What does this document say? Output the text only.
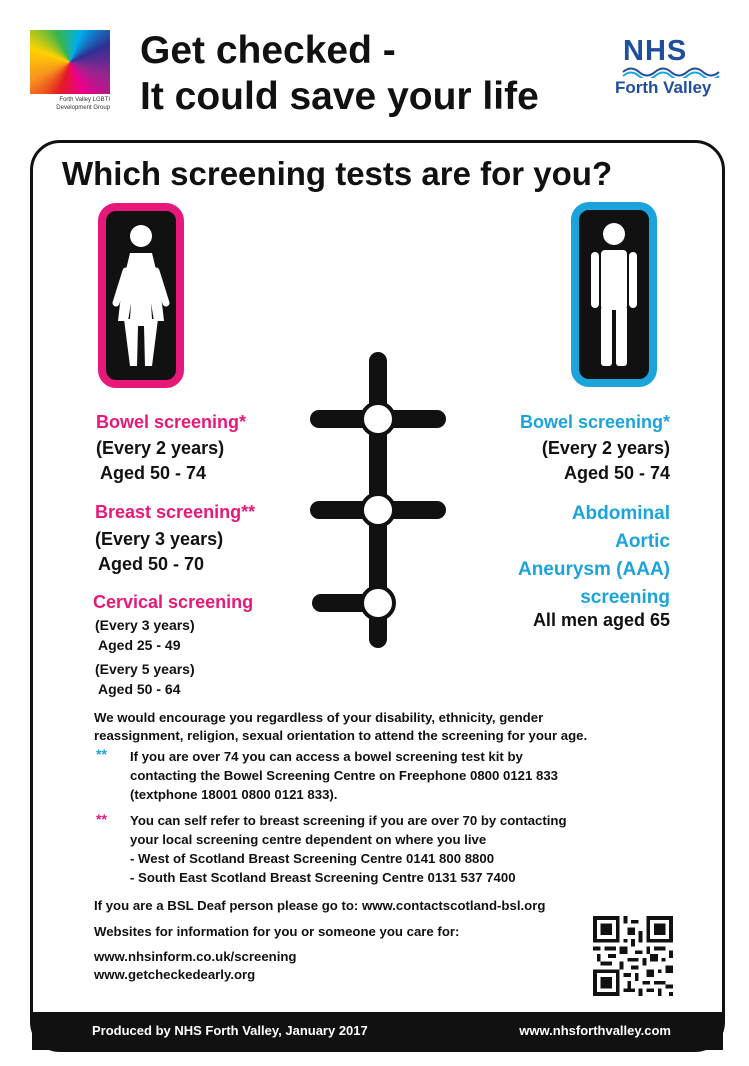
Forth Valley LGBTI Development Group
Get checked -
It could save your life
NHS
Forth Valley
Which screening tests are for you?
Bowel screening*
(Every 2 years)
Aged 50 - 74
Breast screening**
(Every 3 years)
Aged 50 - 70
Cervical screening
(Every 3 years)
Aged 25 - 49
(Every 5 years)
Aged 50 - 64
Bowel screening*
(Every 2 years)
Aged 50 - 74
Abdominal
Aortic
Aneurysm (AAA)
screening
All men aged 65
We would encourage you regardless of your disability, ethnicity, gender
reassignment, religion, sexual orientation to attend the screening for your age.
** If you are over 74 you can access a bowel screening test kit by
contacting the Bowel Screening Centre on Freephone 0800 0121 833
(textphone 18001 0800 0121 833).
** You can self refer to breast screening if you are over 70 by contacting
your local screening centre dependent on where you live
- West of Scotland Breast Screening Centre 0141 800 8800
- South East Scotland Breast Screening Centre 0131 537 7400
If you are a BSL Deaf person please go to: www.contactscotland-bsl.org
Websites for information for you or someone you care for:
www.nhsinform.co.uk/screening
www.getcheckedearly.org
Produced by NHS Forth Valley, January 2017	www.nhsforthvalley.com
